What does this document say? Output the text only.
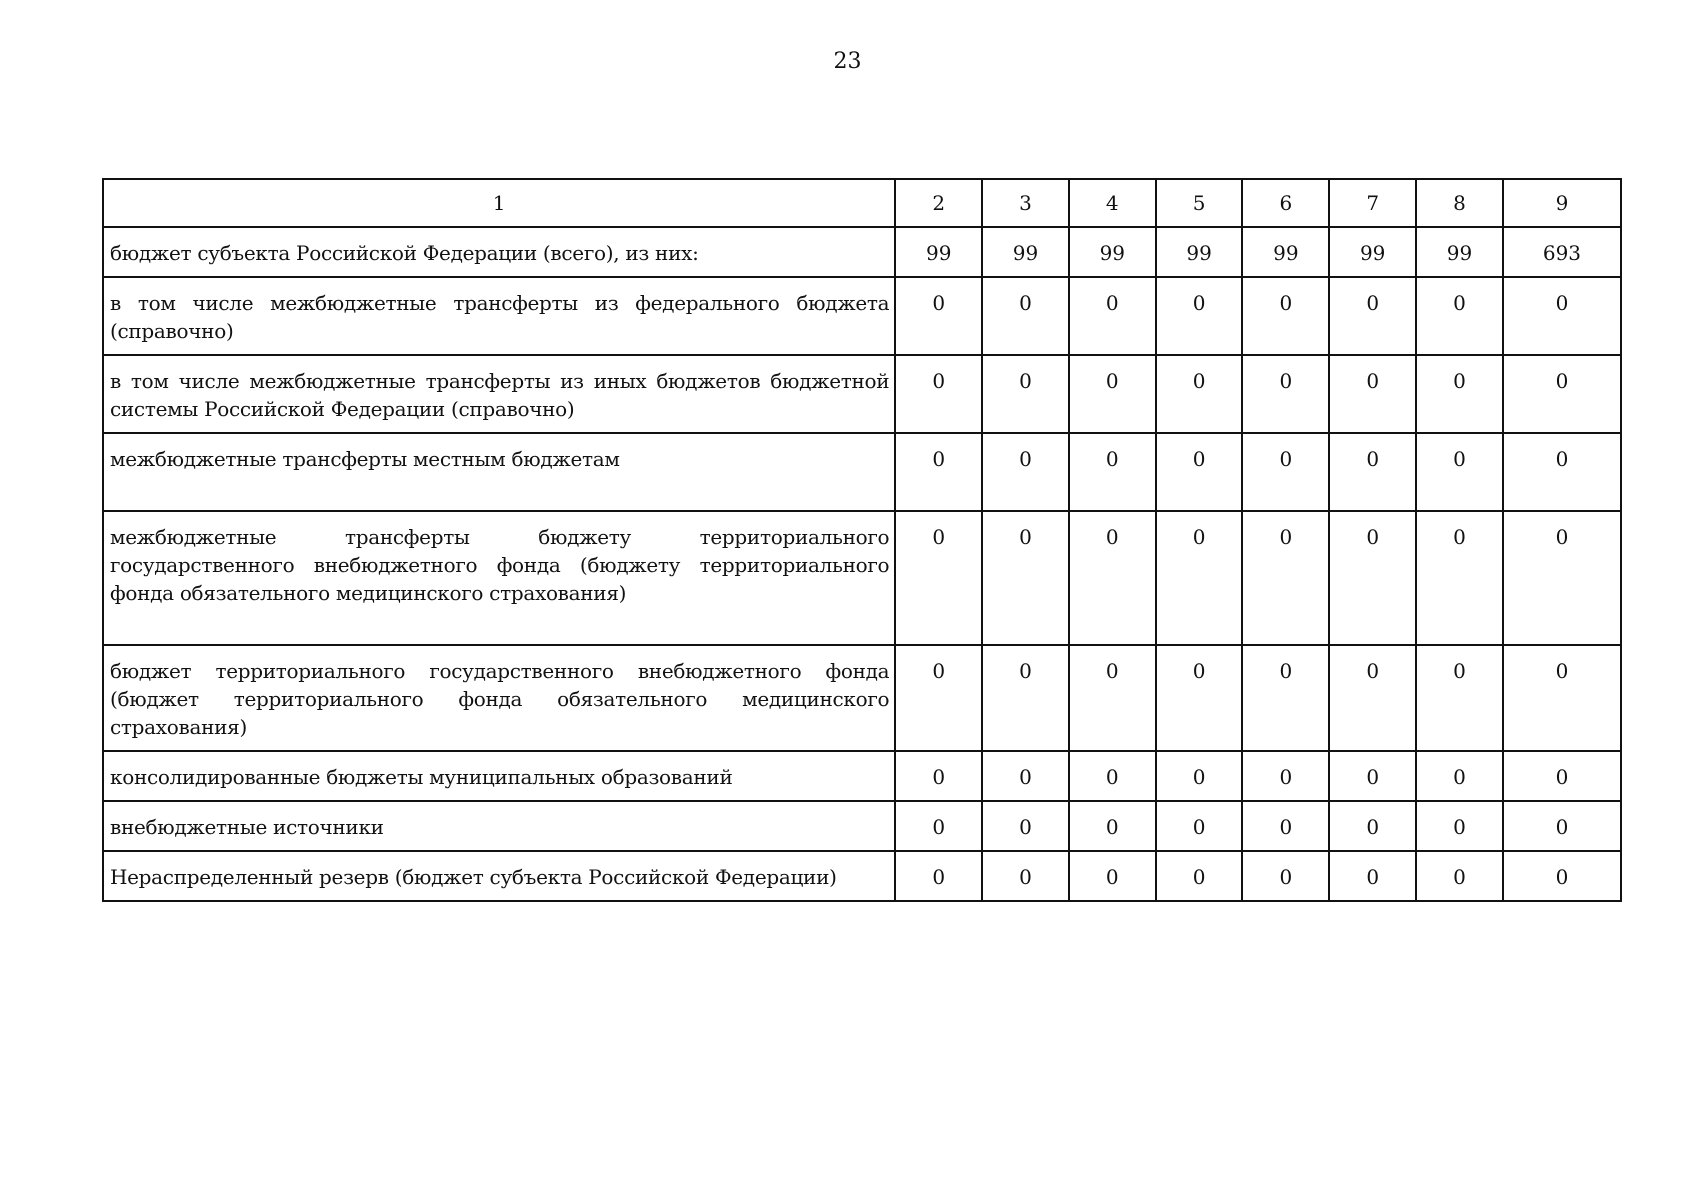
23
1	2	3	4	5	6	7	8	9
бюджет субъекта Российской Федерации (всего), из них:	99	99	99	99	99	99	99	693
в том числе межбюджетные трансферты из федерального бюджета (справочно)	0	0	0	0	0	0	0	0
в том числе межбюджетные трансферты из иных бюджетов бюджетной системы Российской Федерации (справочно)	0	0	0	0	0	0	0	0
межбюджетные трансферты местным бюджетам	0	0	0	0	0	0	0	0
межбюджетные трансферты бюджету территориального государственного внебюджетного фонда (бюджету территориального фонда обязательного медицинского страхования)	0	0	0	0	0	0	0	0
бюджет территориального государственного внебюджетного фонда (бюджет территориального фонда обязательного медицинского страхования)	0	0	0	0	0	0	0	0
консолидированные бюджеты муниципальных образований	0	0	0	0	0	0	0	0
внебюджетные источники	0	0	0	0	0	0	0	0
Нераспределенный резерв (бюджет субъекта Российской Федерации)	0	0	0	0	0	0	0	0
